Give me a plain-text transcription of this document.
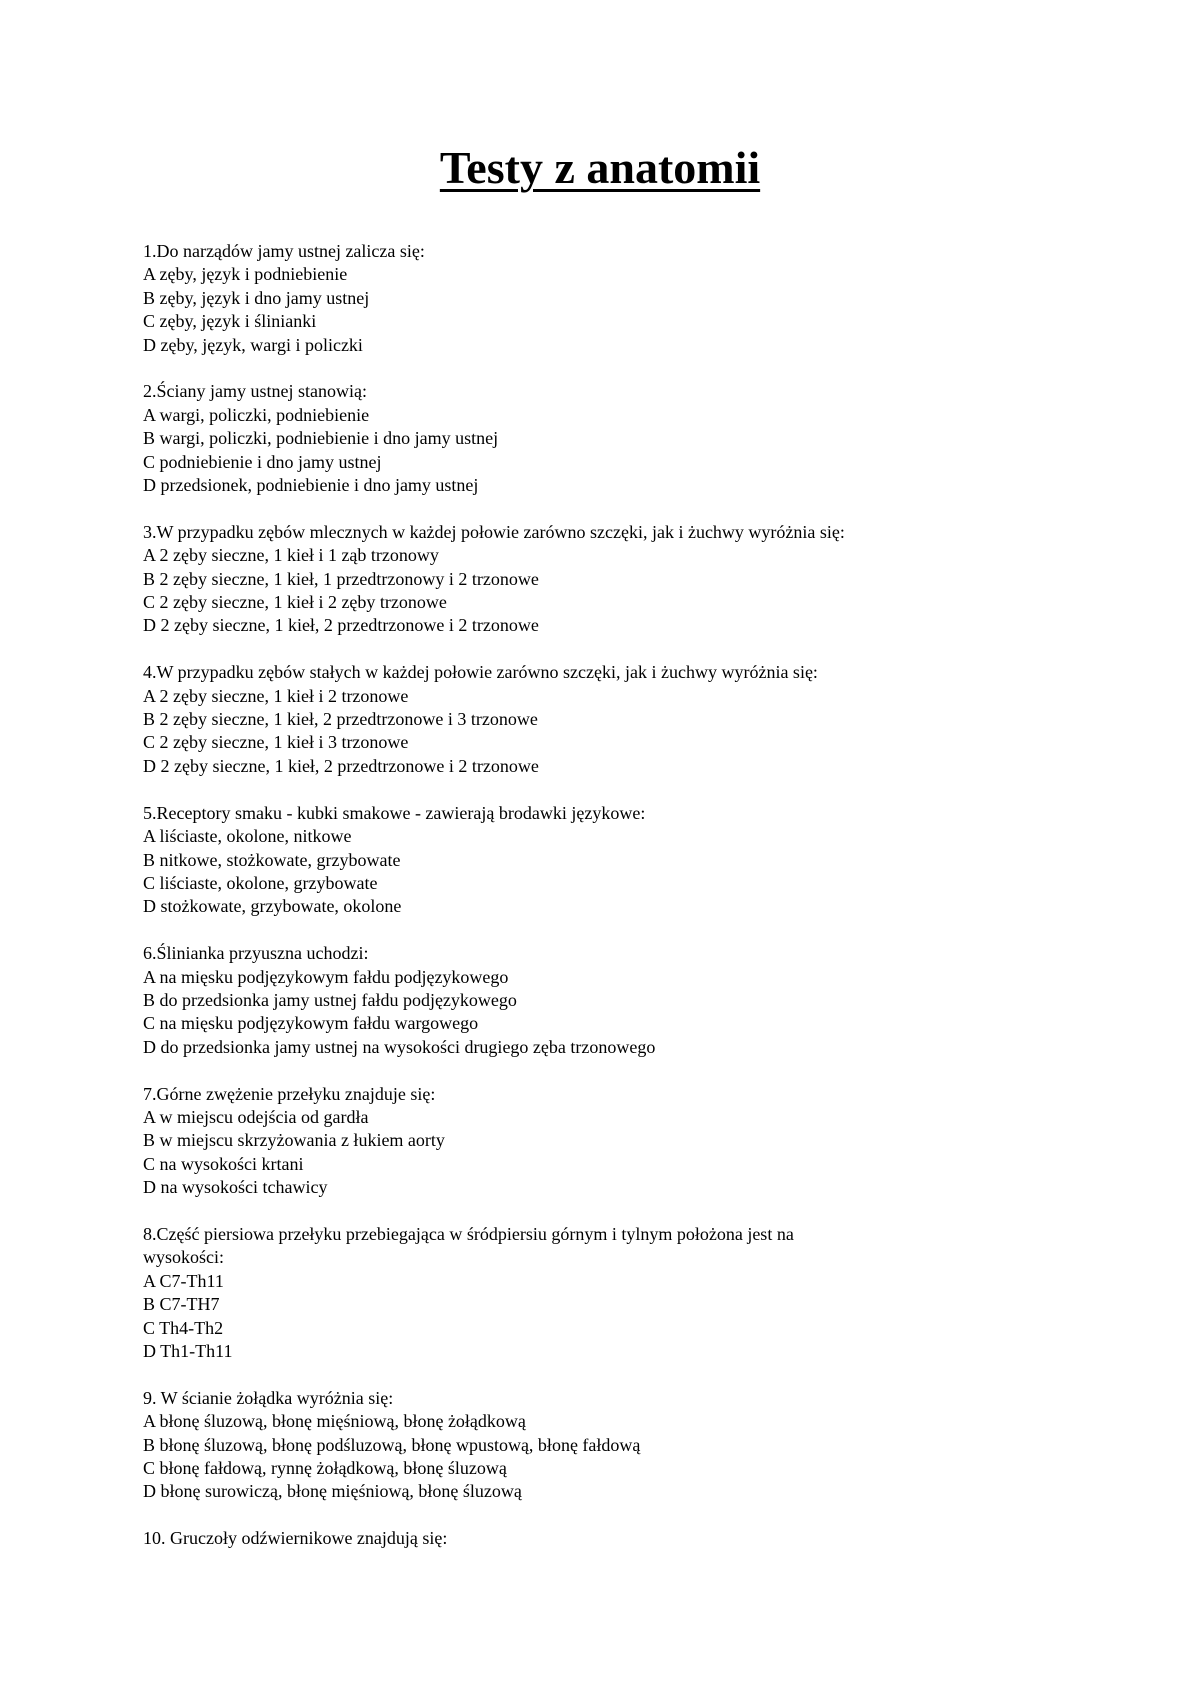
Testy z anatomii
1.Do narządów jamy ustnej zalicza się:
A zęby, język i podniebienie
B zęby, język i dno jamy ustnej
C zęby, język i ślinianki
D zęby, język, wargi i policzki
2.Ściany jamy ustnej stanowią:
A wargi, policzki, podniebienie
B wargi, policzki, podniebienie i dno jamy ustnej
C podniebienie i dno jamy ustnej
D przedsionek, podniebienie i dno jamy ustnej
3.W przypadku zębów mlecznych w każdej połowie zarówno szczęki, jak i żuchwy wyróżnia się:
A 2 zęby sieczne, 1 kieł i 1 ząb trzonowy
B 2 zęby sieczne, 1 kieł, 1 przedtrzonowy i 2 trzonowe
C 2 zęby sieczne, 1 kieł i 2 zęby trzonowe
D 2 zęby sieczne, 1 kieł, 2 przedtrzonowe i 2 trzonowe
4.W przypadku zębów stałych w każdej połowie zarówno szczęki, jak i żuchwy wyróżnia się:
A 2 zęby sieczne, 1 kieł i 2 trzonowe
B 2 zęby sieczne, 1 kieł, 2 przedtrzonowe i 3 trzonowe
C 2 zęby sieczne, 1 kieł i 3 trzonowe
D 2 zęby sieczne, 1 kieł, 2 przedtrzonowe i 2 trzonowe
5.Receptory smaku - kubki smakowe - zawierają brodawki językowe:
A liściaste, okolone, nitkowe
B nitkowe, stożkowate, grzybowate
C liściaste, okolone, grzybowate
D stożkowate, grzybowate, okolone
6.Ślinianka przyuszna uchodzi:
A na mięsku podjęzykowym fałdu podjęzykowego
B do przedsionka jamy ustnej fałdu podjęzykowego
C na mięsku podjęzykowym fałdu wargowego
D do przedsionka jamy ustnej na wysokości drugiego zęba trzonowego
7.Górne zwężenie przełyku znajduje się:
A w miejscu odejścia od gardła
B w miejscu skrzyżowania z łukiem aorty
C na wysokości krtani
D na wysokości tchawicy
8.Część piersiowa przełyku przebiegająca w śródpiersiu górnym i tylnym położona jest na
wysokości:
A C7-Th11
B C7-TH7
C Th4-Th2
D Th1-Th11
9. W ścianie żołądka wyróżnia się:
A błonę śluzową, błonę mięśniową, błonę żołądkową
B błonę śluzową, błonę podśluzową, błonę wpustową, błonę fałdową
C błonę fałdową, rynnę żołądkową, błonę śluzową
D błonę surowiczą, błonę mięśniową, błonę śluzową
10. Gruczoły odźwiernikowe znajdują się:
